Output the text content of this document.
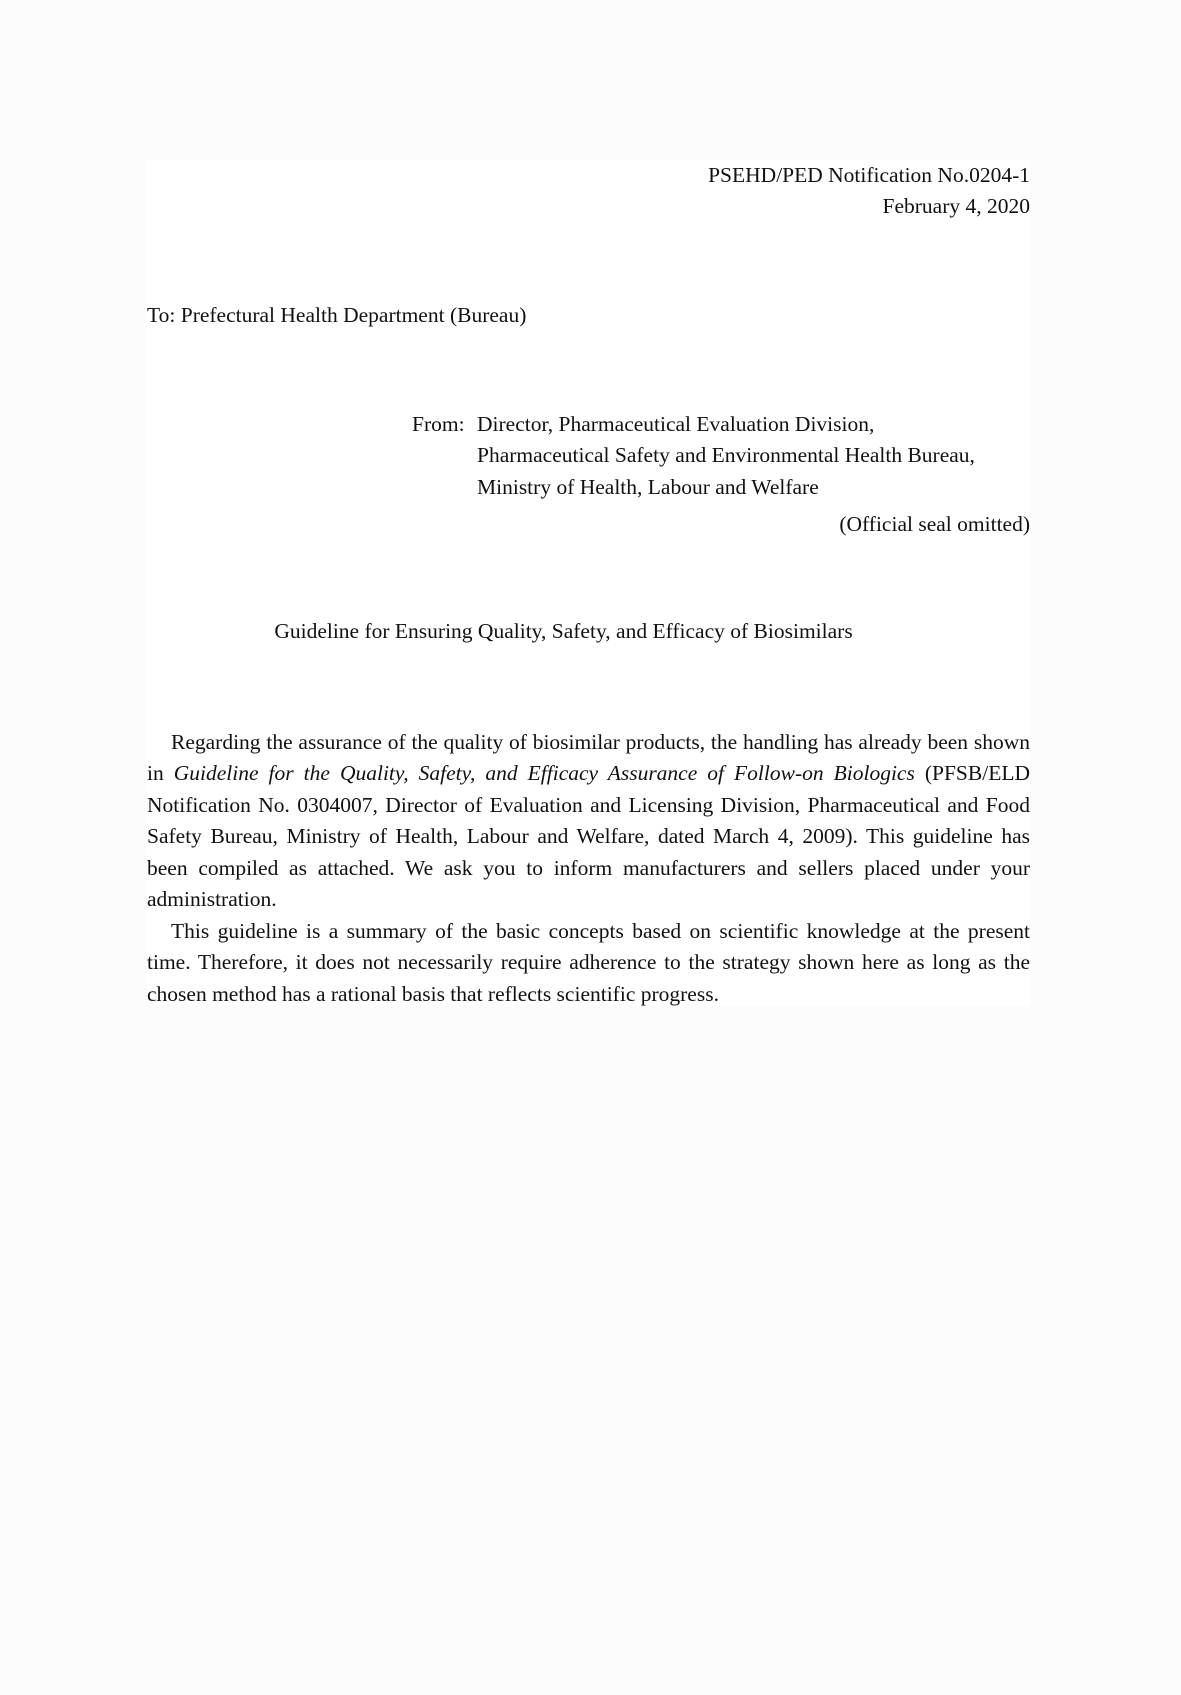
PSEHD/PED Notification No.0204-1

February 4, 2020

To: Prefectural Health Department (Bureau)

From: Director, Pharmaceutical Evaluation Division,

Pharmaceutical Safety and Environmental Health Bureau,

Ministry of Health, Labour and Welfare

(Official seal omitted)

Guideline for Ensuring Quality, Safety, and Efficacy of Biosimilars

Regarding the assurance of the quality of biosimilar products, the handling has already been shown in Guideline for the Quality, Safety, and Efficacy Assurance of Follow-on Biologics (PFSB/ELD Notification No. 0304007, Director of Evaluation and Licensing Division, Pharmaceutical and Food Safety Bureau, Ministry of Health, Labour and Welfare, dated March 4, 2009). This guideline has been compiled as attached. We ask you to inform manufacturers and sellers placed under your administration.

This guideline is a summary of the basic concepts based on scientific knowledge at the present time. Therefore, it does not necessarily require adherence to the strategy shown here as long as the chosen method has a rational basis that reflects scientific progress.
